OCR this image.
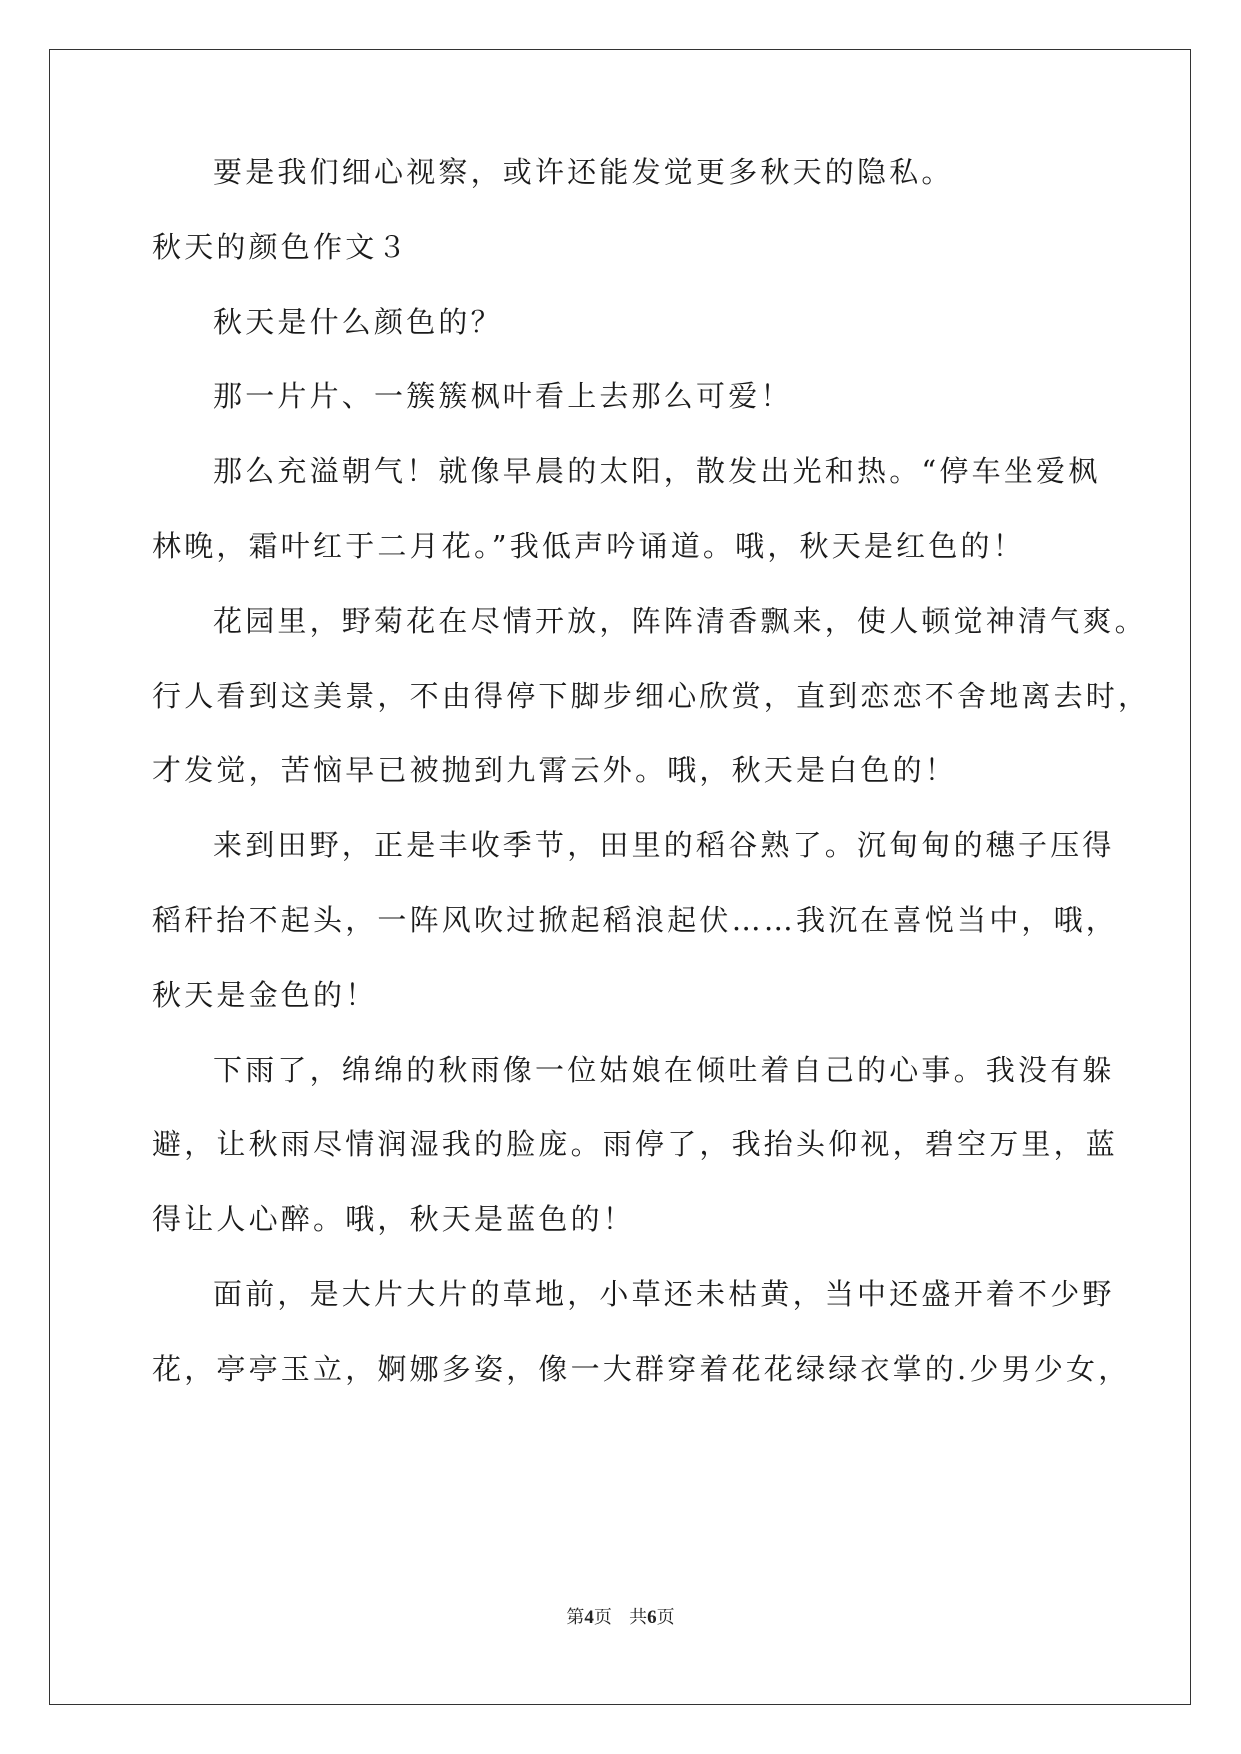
要是我们细心视察，或许还能发觉更多秋天的隐私。
秋天的颜色作文３
秋天是什么颜色的？
那一片片、一簇簇枫叶看上去那么可爱！
那么充溢朝气！就像早晨的太阳，散发出光和热。“停车坐爱枫
林晚，霜叶红于二月花。”我低声吟诵道。哦，秋天是红色的！
花园里，野菊花在尽情开放，阵阵清香飘来，使人顿觉神清气爽。
行人看到这美景，不由得停下脚步细心欣赏，直到恋恋不舍地离去时，
才发觉，苦恼早已被抛到九霄云外。哦，秋天是白色的！
来到田野，正是丰收季节，田里的稻谷熟了。沉甸甸的穗子压得
稻秆抬不起头，一阵风吹过掀起稻浪起伏……我沉在喜悦当中，哦，
秋天是金色的！
下雨了，绵绵的秋雨像一位姑娘在倾吐着自己的心事。我没有躲
避，让秋雨尽情润湿我的脸庞。雨停了，我抬头仰视，碧空万里，蓝
得让人心醉。哦，秋天是蓝色的！
面前，是大片大片的草地，小草还未枯黄，当中还盛开着不少野
花，亭亭玉立，婀娜多姿，像一大群穿着花花绿绿衣掌的.少男少女，
第4页 共6页
